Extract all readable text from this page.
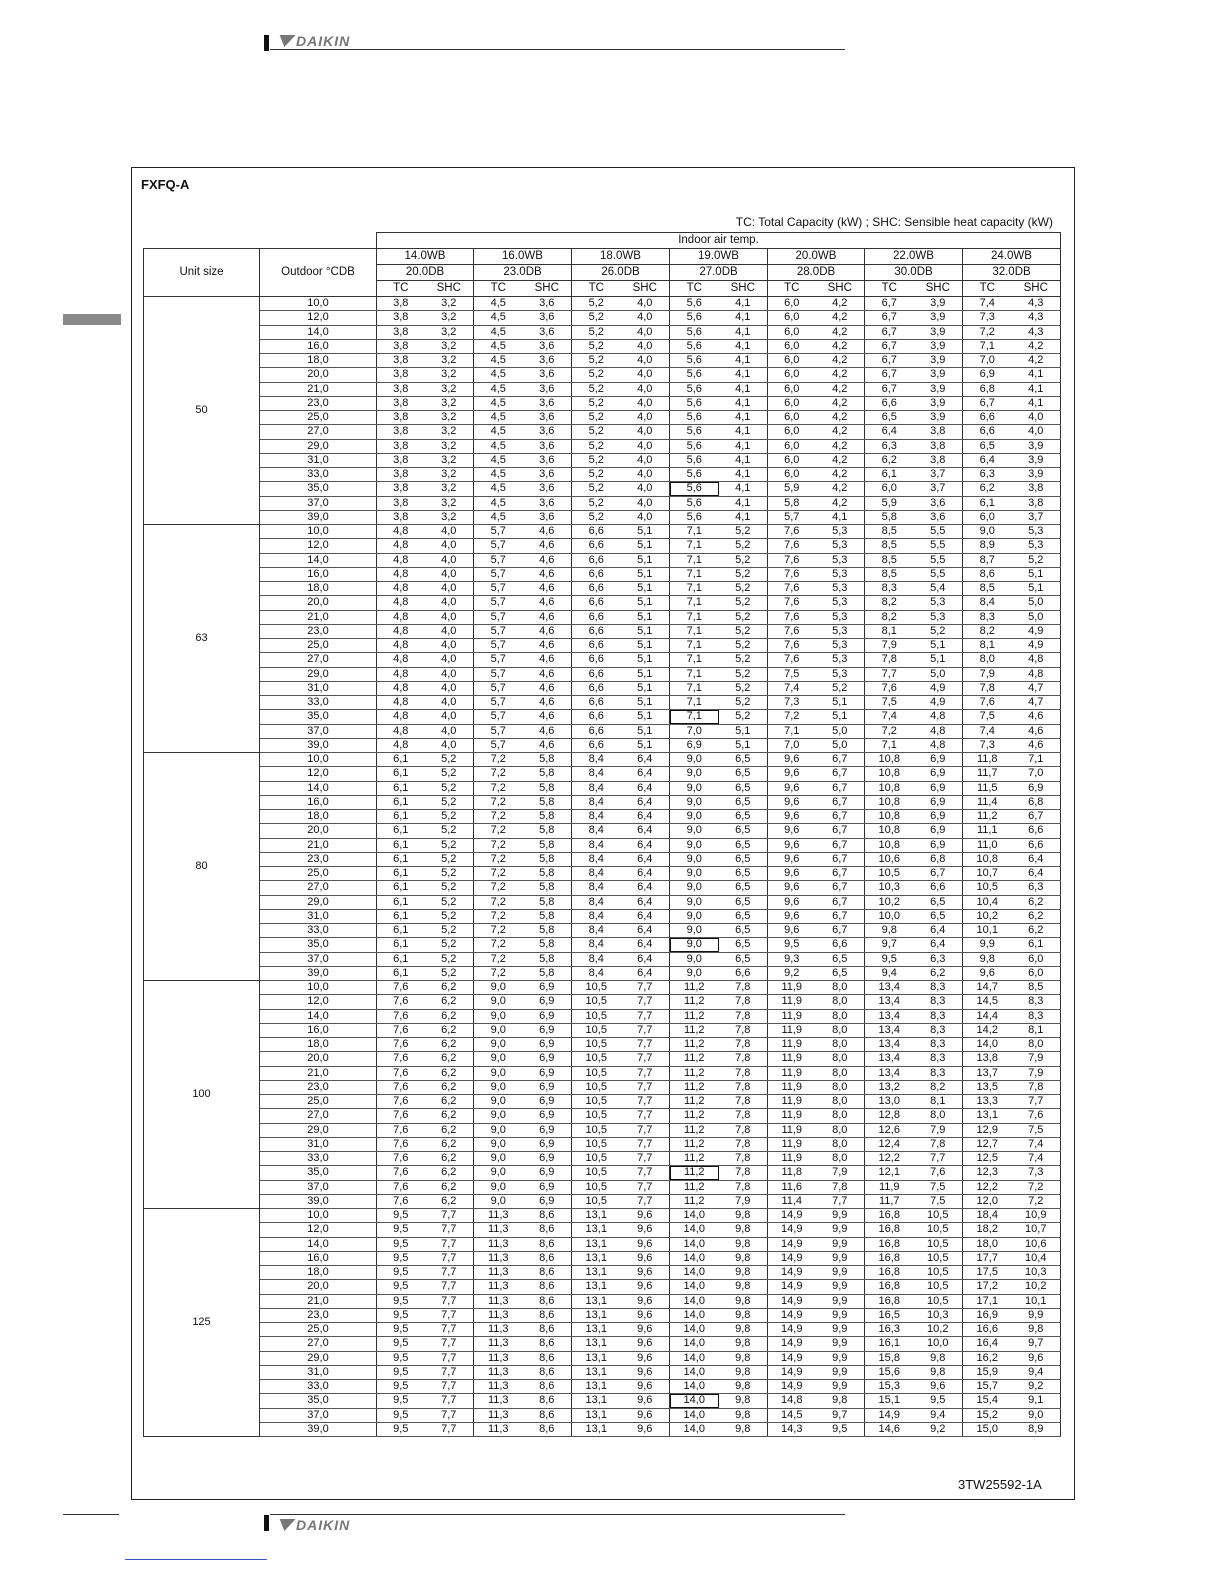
DAIKIN
FXFQ-A
TC: Total Capacity (kW) ; SHC: Sensible heat capacity (kW)
		Indoor air temp.													
Unit size	Outdoor °CDB	14.0WB		16.0WB		18.0WB		19.0WB		20.0WB		22.0WB		24.0WB	
		20.0DB		23.0DB		26.0DB		27.0DB		28.0DB		30.0DB		32.0DB	
		TC	SHC	TC	SHC	TC	SHC	TC	SHC	TC	SHC	TC	SHC	TC	SHC
50	10,0	3,8	3,2	4,5	3,6	5,2	4,0	5,6	4,1	6,0	4,2	6,7	3,9	7,4	4,3
	12,0	3,8	3,2	4,5	3,6	5,2	4,0	5,6	4,1	6,0	4,2	6,7	3,9	7,3	4,3
	14,0	3,8	3,2	4,5	3,6	5,2	4,0	5,6	4,1	6,0	4,2	6,7	3,9	7,2	4,3
	16,0	3,8	3,2	4,5	3,6	5,2	4,0	5,6	4,1	6,0	4,2	6,7	3,9	7,1	4,2
	18,0	3,8	3,2	4,5	3,6	5,2	4,0	5,6	4,1	6,0	4,2	6,7	3,9	7,0	4,2
	20,0	3,8	3,2	4,5	3,6	5,2	4,0	5,6	4,1	6,0	4,2	6,7	3,9	6,9	4,1
	21,0	3,8	3,2	4,5	3,6	5,2	4,0	5,6	4,1	6,0	4,2	6,7	3,9	6,8	4,1
	23,0	3,8	3,2	4,5	3,6	5,2	4,0	5,6	4,1	6,0	4,2	6,6	3,9	6,7	4,1
	25,0	3,8	3,2	4,5	3,6	5,2	4,0	5,6	4,1	6,0	4,2	6,5	3,9	6,6	4,0
	27,0	3,8	3,2	4,5	3,6	5,2	4,0	5,6	4,1	6,0	4,2	6,4	3,8	6,6	4,0
	29,0	3,8	3,2	4,5	3,6	5,2	4,0	5,6	4,1	6,0	4,2	6,3	3,8	6,5	3,9
	31,0	3,8	3,2	4,5	3,6	5,2	4,0	5,6	4,1	6,0	4,2	6,2	3,8	6,4	3,9
	33,0	3,8	3,2	4,5	3,6	5,2	4,0	5,6	4,1	6,0	4,2	6,1	3,7	6,3	3,9
	35,0	3,8	3,2	4,5	3,6	5,2	4,0	5,6	4,1	5,9	4,2	6,0	3,7	6,2	3,8
	37,0	3,8	3,2	4,5	3,6	5,2	4,0	5,6	4,1	5,8	4,2	5,9	3,6	6,1	3,8
	39,0	3,8	3,2	4,5	3,6	5,2	4,0	5,6	4,1	5,7	4,1	5,8	3,6	6,0	3,7
63	10,0	4,8	4,0	5,7	4,6	6,6	5,1	7,1	5,2	7,6	5,3	8,5	5,5	9,0	5,3
	12,0	4,8	4,0	5,7	4,6	6,6	5,1	7,1	5,2	7,6	5,3	8,5	5,5	8,9	5,3
	14,0	4,8	4,0	5,7	4,6	6,6	5,1	7,1	5,2	7,6	5,3	8,5	5,5	8,7	5,2
	16,0	4,8	4,0	5,7	4,6	6,6	5,1	7,1	5,2	7,6	5,3	8,5	5,5	8,6	5,1
	18,0	4,8	4,0	5,7	4,6	6,6	5,1	7,1	5,2	7,6	5,3	8,3	5,4	8,5	5,1
	20,0	4,8	4,0	5,7	4,6	6,6	5,1	7,1	5,2	7,6	5,3	8,2	5,3	8,4	5,0
	21,0	4,8	4,0	5,7	4,6	6,6	5,1	7,1	5,2	7,6	5,3	8,2	5,3	8,3	5,0
	23,0	4,8	4,0	5,7	4,6	6,6	5,1	7,1	5,2	7,6	5,3	8,1	5,2	8,2	4,9
	25,0	4,8	4,0	5,7	4,6	6,6	5,1	7,1	5,2	7,6	5,3	7,9	5,1	8,1	4,9
	27,0	4,8	4,0	5,7	4,6	6,6	5,1	7,1	5,2	7,6	5,3	7,8	5,1	8,0	4,8
	29,0	4,8	4,0	5,7	4,6	6,6	5,1	7,1	5,2	7,5	5,3	7,7	5,0	7,9	4,8
	31,0	4,8	4,0	5,7	4,6	6,6	5,1	7,1	5,2	7,4	5,2	7,6	4,9	7,8	4,7
	33,0	4,8	4,0	5,7	4,6	6,6	5,1	7,1	5,2	7,3	5,1	7,5	4,9	7,6	4,7
	35,0	4,8	4,0	5,7	4,6	6,6	5,1	7,1	5,2	7,2	5,1	7,4	4,8	7,5	4,6
	37,0	4,8	4,0	5,7	4,6	6,6	5,1	7,0	5,1	7,1	5,0	7,2	4,8	7,4	4,6
	39,0	4,8	4,0	5,7	4,6	6,6	5,1	6,9	5,1	7,0	5,0	7,1	4,8	7,3	4,6
80	10,0	6,1	5,2	7,2	5,8	8,4	6,4	9,0	6,5	9,6	6,7	10,8	6,9	11,8	7,1
	12,0	6,1	5,2	7,2	5,8	8,4	6,4	9,0	6,5	9,6	6,7	10,8	6,9	11,7	7,0
	14,0	6,1	5,2	7,2	5,8	8,4	6,4	9,0	6,5	9,6	6,7	10,8	6,9	11,5	6,9
	16,0	6,1	5,2	7,2	5,8	8,4	6,4	9,0	6,5	9,6	6,7	10,8	6,9	11,4	6,8
	18,0	6,1	5,2	7,2	5,8	8,4	6,4	9,0	6,5	9,6	6,7	10,8	6,9	11,2	6,7
	20,0	6,1	5,2	7,2	5,8	8,4	6,4	9,0	6,5	9,6	6,7	10,8	6,9	11,1	6,6
	21,0	6,1	5,2	7,2	5,8	8,4	6,4	9,0	6,5	9,6	6,7	10,8	6,9	11,0	6,6
	23,0	6,1	5,2	7,2	5,8	8,4	6,4	9,0	6,5	9,6	6,7	10,6	6,8	10,8	6,4
	25,0	6,1	5,2	7,2	5,8	8,4	6,4	9,0	6,5	9,6	6,7	10,5	6,7	10,7	6,4
	27,0	6,1	5,2	7,2	5,8	8,4	6,4	9,0	6,5	9,6	6,7	10,3	6,6	10,5	6,3
	29,0	6,1	5,2	7,2	5,8	8,4	6,4	9,0	6,5	9,6	6,7	10,2	6,5	10,4	6,2
	31,0	6,1	5,2	7,2	5,8	8,4	6,4	9,0	6,5	9,6	6,7	10,0	6,5	10,2	6,2
	33,0	6,1	5,2	7,2	5,8	8,4	6,4	9,0	6,5	9,6	6,7	9,8	6,4	10,1	6,2
	35,0	6,1	5,2	7,2	5,8	8,4	6,4	9,0	6,5	9,5	6,6	9,7	6,4	9,9	6,1
	37,0	6,1	5,2	7,2	5,8	8,4	6,4	9,0	6,5	9,3	6,5	9,5	6,3	9,8	6,0
	39,0	6,1	5,2	7,2	5,8	8,4	6,4	9,0	6,6	9,2	6,5	9,4	6,2	9,6	6,0
100	10,0	7,6	6,2	9,0	6,9	10,5	7,7	11,2	7,8	11,9	8,0	13,4	8,3	14,7	8,5
	12,0	7,6	6,2	9,0	6,9	10,5	7,7	11,2	7,8	11,9	8,0	13,4	8,3	14,5	8,3
	14,0	7,6	6,2	9,0	6,9	10,5	7,7	11,2	7,8	11,9	8,0	13,4	8,3	14,4	8,3
	16,0	7,6	6,2	9,0	6,9	10,5	7,7	11,2	7,8	11,9	8,0	13,4	8,3	14,2	8,1
	18,0	7,6	6,2	9,0	6,9	10,5	7,7	11,2	7,8	11,9	8,0	13,4	8,3	14,0	8,0
	20,0	7,6	6,2	9,0	6,9	10,5	7,7	11,2	7,8	11,9	8,0	13,4	8,3	13,8	7,9
	21,0	7,6	6,2	9,0	6,9	10,5	7,7	11,2	7,8	11,9	8,0	13,4	8,3	13,7	7,9
	23,0	7,6	6,2	9,0	6,9	10,5	7,7	11,2	7,8	11,9	8,0	13,2	8,2	13,5	7,8
	25,0	7,6	6,2	9,0	6,9	10,5	7,7	11,2	7,8	11,9	8,0	13,0	8,1	13,3	7,7
	27,0	7,6	6,2	9,0	6,9	10,5	7,7	11,2	7,8	11,9	8,0	12,8	8,0	13,1	7,6
	29,0	7,6	6,2	9,0	6,9	10,5	7,7	11,2	7,8	11,9	8,0	12,6	7,9	12,9	7,5
	31,0	7,6	6,2	9,0	6,9	10,5	7,7	11,2	7,8	11,9	8,0	12,4	7,8	12,7	7,4
	33,0	7,6	6,2	9,0	6,9	10,5	7,7	11,2	7,8	11,9	8,0	12,2	7,7	12,5	7,4
	35,0	7,6	6,2	9,0	6,9	10,5	7,7	11,2	7,8	11,8	7,9	12,1	7,6	12,3	7,3
	37,0	7,6	6,2	9,0	6,9	10,5	7,7	11,2	7,8	11,6	7,8	11,9	7,5	12,2	7,2
	39,0	7,6	6,2	9,0	6,9	10,5	7,7	11,2	7,9	11,4	7,7	11,7	7,5	12,0	7,2
125	10,0	9,5	7,7	11,3	8,6	13,1	9,6	14,0	9,8	14,9	9,9	16,8	10,5	18,4	10,9
	12,0	9,5	7,7	11,3	8,6	13,1	9,6	14,0	9,8	14,9	9,9	16,8	10,5	18,2	10,7
	14,0	9,5	7,7	11,3	8,6	13,1	9,6	14,0	9,8	14,9	9,9	16,8	10,5	18,0	10,6
	16,0	9,5	7,7	11,3	8,6	13,1	9,6	14,0	9,8	14,9	9,9	16,8	10,5	17,7	10,4
	18,0	9,5	7,7	11,3	8,6	13,1	9,6	14,0	9,8	14,9	9,9	16,8	10,5	17,5	10,3
	20,0	9,5	7,7	11,3	8,6	13,1	9,6	14,0	9,8	14,9	9,9	16,8	10,5	17,2	10,2
	21,0	9,5	7,7	11,3	8,6	13,1	9,6	14,0	9,8	14,9	9,9	16,8	10,5	17,1	10,1
	23,0	9,5	7,7	11,3	8,6	13,1	9,6	14,0	9,8	14,9	9,9	16,5	10,3	16,9	9,9
	25,0	9,5	7,7	11,3	8,6	13,1	9,6	14,0	9,8	14,9	9,9	16,3	10,2	16,6	9,8
	27,0	9,5	7,7	11,3	8,6	13,1	9,6	14,0	9,8	14,9	9,9	16,1	10,0	16,4	9,7
	29,0	9,5	7,7	11,3	8,6	13,1	9,6	14,0	9,8	14,9	9,9	15,8	9,8	16,2	9,6
	31,0	9,5	7,7	11,3	8,6	13,1	9,6	14,0	9,8	14,9	9,9	15,6	9,8	15,9	9,4
	33,0	9,5	7,7	11,3	8,6	13,1	9,6	14,0	9,8	14,9	9,9	15,3	9,6	15,7	9,2
	35,0	9,5	7,7	11,3	8,6	13,1	9,6	14,0	9,8	14,8	9,8	15,1	9,5	15,4	9,1
	37,0	9,5	7,7	11,3	8,6	13,1	9,6	14,0	9,8	14,5	9,7	14,9	9,4	15,2	9,0
	39,0	9,5	7,7	11,3	8,6	13,1	9,6	14,0	9,8	14,3	9,5	14,6	9,2	15,0	8,9
3TW25592-1A
DAIKIN
